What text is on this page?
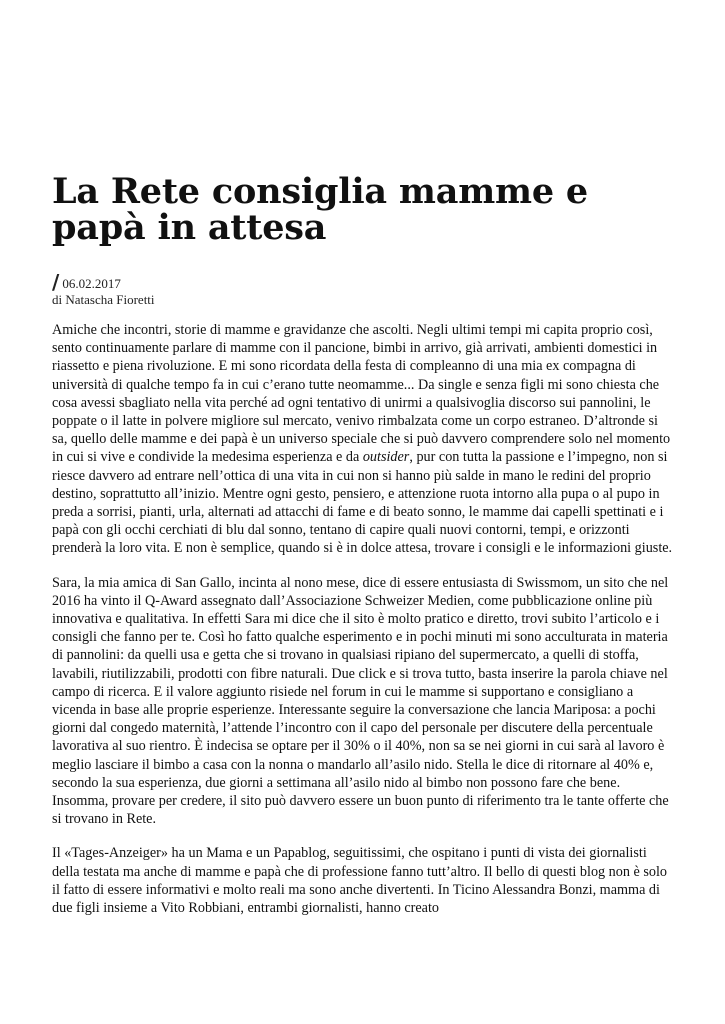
La Rete consiglia mamme e papà in attesa
/ 06.02.2017
di Natascha Fioretti

Amiche che incontri, storie di mamme e gravidanze che ascolti. Negli ultimi tempi mi capita proprio così, sento continuamente parlare di mamme con il pancione, bimbi in arrivo, già arrivati, ambienti domestici in riassetto e piena rivoluzione. E mi sono ricordata della festa di compleanno di una mia ex compagna di università di qualche tempo fa in cui c’erano tutte neomamme... Da single e senza figli mi sono chiesta che cosa avessi sbagliato nella vita perché ad ogni tentativo di unirmi a qualsivoglia discorso sui pannolini, le poppate o il latte in polvere migliore sul mercato, venivo rimbalzata come un corpo estraneo. D’altronde si sa, quello delle mamme e dei papà è un universo speciale che si può davvero comprendere solo nel momento in cui si vive e condivide la medesima esperienza e da outsider, pur con tutta la passione e l’impegno, non si riesce davvero ad entrare nell’ottica di una vita in cui non si hanno più salde in mano le redini del proprio destino, soprattutto all’inizio. Mentre ogni gesto, pensiero, e attenzione ruota intorno alla pupa o al pupo in preda a sorrisi, pianti, urla, alternati ad attacchi di fame e di beato sonno, le mamme dai capelli spettinati e i papà con gli occhi cerchiati di blu dal sonno, tentano di capire quali nuovi contorni, tempi, e orizzonti prenderà la loro vita. E non è semplice, quando si è in dolce attesa, trovare i consigli e le informazioni giuste.

Sara, la mia amica di San Gallo, incinta al nono mese, dice di essere entusiasta di Swissmom, un sito che nel 2016 ha vinto il Q-Award assegnato dall’Associazione Schweizer Medien, come pubblicazione online più innovativa e qualitativa. In effetti Sara mi dice che il sito è molto pratico e diretto, trovi subito l’articolo e i consigli che fanno per te. Così ho fatto qualche esperimento e in pochi minuti mi sono acculturata in materia di pannolini: da quelli usa e getta che si trovano in qualsiasi ripiano del supermercato, a quelli di stoffa, lavabili, riutilizzabili, prodotti con fibre naturali. Due click e si trova tutto, basta inserire la parola chiave nel campo di ricerca. E il valore aggiunto risiede nel forum in cui le mamme si supportano e consigliano a vicenda in base alle proprie esperienze. Interessante seguire la conversazione che lancia Mariposa: a pochi giorni dal congedo maternità, l’attende l’incontro con il capo del personale per discutere della percentuale lavorativa al suo rientro. È indecisa se optare per il 30% o il 40%, non sa se nei giorni in cui sarà al lavoro è meglio lasciare il bimbo a casa con la nonna o mandarlo all’asilo nido. Stella le dice di ritornare al 40% e, secondo la sua esperienza, due giorni a settimana all’asilo nido al bimbo non possono fare che bene. Insomma, provare per credere, il sito può davvero essere un buon punto di riferimento tra le tante offerte che si trovano in Rete.

Il «Tages-Anzeiger» ha un Mama e un Papablog, seguitissimi, che ospitano i punti di vista dei giornalisti della testata ma anche di mamme e papà che di professione fanno tutt’altro. Il bello di questi blog non è solo il fatto di essere informativi e molto reali ma sono anche divertenti. In Ticino Alessandra Bonzi, mamma di due figli insieme a Vito Robbiani, entrambi giornalisti, hanno creato
